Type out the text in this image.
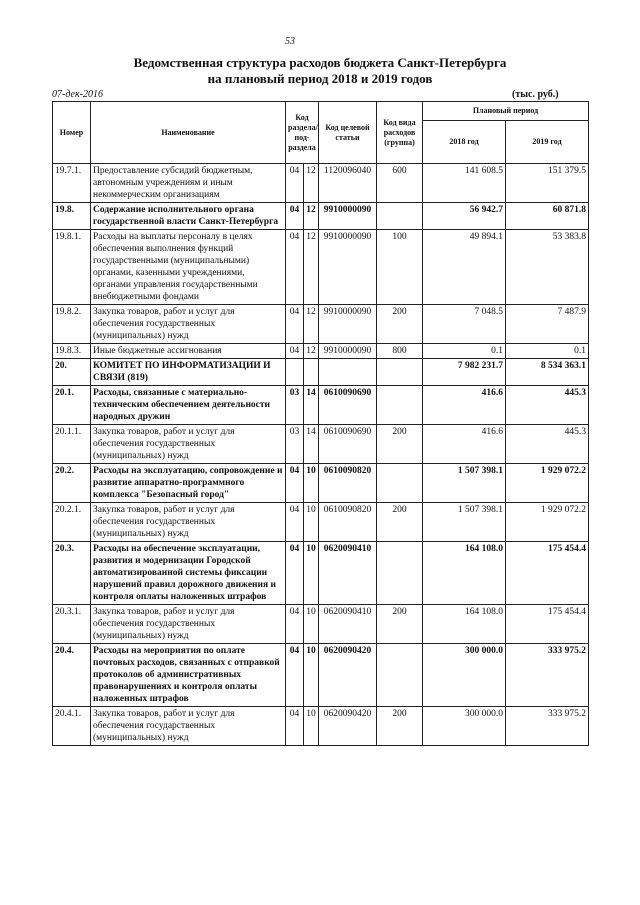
53
Ведомственная структура расходов бюджета Санкт-Петербурга
на плановый период 2018 и 2019 годов
07-дек-2016	(тыс. руб.)
Номер	Наименование	Код раздела/ под-раздела		Код целевой статьи	Код вида расходов (группа)	Плановый период	
						2018 год	2019 год
19.7.1.	Предоставление субсидий бюджетным, автономным учреждениям и иным некоммерческим организациям	04	12	1120096040	600	141 608.5	151 379.5
19.8.	Содержание исполнительного органа государственной власти Санкт-Петербурга	04	12	9910000090		56 942.7	60 871.8
19.8.1.	Расходы на выплаты персоналу в целях обеспечения выполнения функций государственными (муниципальными) органами, казенными учреждениями, органами управления государственными внебюджетными фондами	04	12	9910000090	100	49 894.1	53 383.8
19.8.2.	Закупка товаров, работ и услуг для обеспечения государственных (муниципальных) нужд	04	12	9910000090	200	7 048.5	7 487.9
19.8.3.	Иные бюджетные ассигнования	04	12	9910000090	800	0.1	0.1
20.	КОМИТЕТ ПО ИНФОРМАТИЗАЦИИ И СВЯЗИ (819)					7 982 231.7	8 534 363.1
20.1.	Расходы, связанные с материально-техническим обеспечением деятельности народных дружин	03	14	0610090690		416.6	445.3
20.1.1.	Закупка товаров, работ и услуг для обеспечения государственных (муниципальных) нужд	03	14	0610090690	200	416.6	445.3
20.2.	Расходы на эксплуатацию, сопровождение и развитие аппаратно-программного комплекса "Безопасный город"	04	10	0610090820		1 507 398.1	1 929 072.2
20.2.1.	Закупка товаров, работ и услуг для обеспечения государственных (муниципальных) нужд	04	10	0610090820	200	1 507 398.1	1 929 072.2
20.3.	Расходы на обеспечение эксплуатации, развития и модернизации Городской автоматизированной системы фиксации нарушений правил дорожного движения и контроля оплаты наложенных штрафов	04	10	0620090410		164 108.0	175 454.4
20.3.1.	Закупка товаров, работ и услуг для обеспечения государственных (муниципальных) нужд	04	10	0620090410	200	164 108.0	175 454.4
20.4.	Расходы на мероприятия по оплате почтовых расходов, связанных с отправкой протоколов об административных правонарушениях и контроля оплаты наложенных штрафов	04	10	0620090420		300 000.0	333 975.2
20.4.1.	Закупка товаров, работ и услуг для обеспечения государственных (муниципальных) нужд	04	10	0620090420	200	300 000.0	333 975.2
